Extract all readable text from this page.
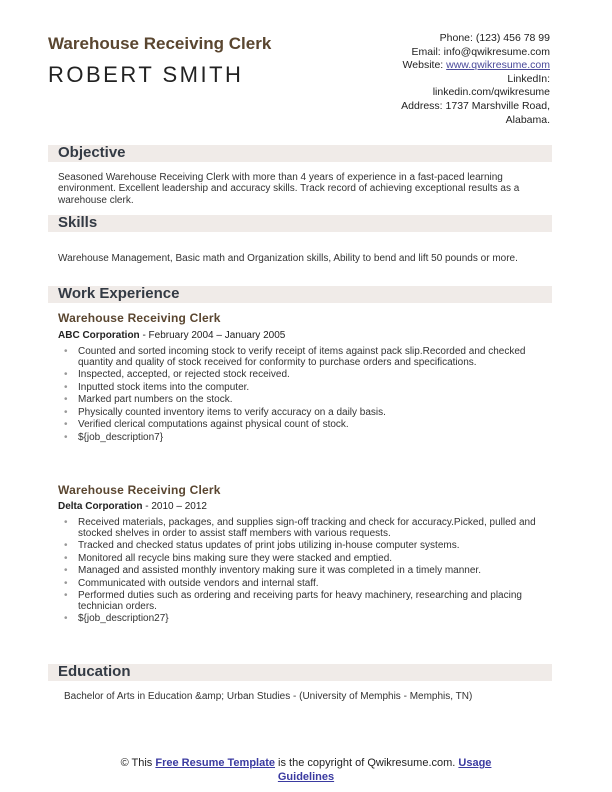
Warehouse Receiving Clerk
ROBERT SMITH
Phone: (123) 456 78 99
Email: info@qwikresume.com
Website: www.qwikresume.com
LinkedIn:
linkedin.com/qwikresume
Address: 1737 Marshville Road,
Alabama.
Objective
Seasoned Warehouse Receiving Clerk with more than 4 years of experience in a fast-paced learning environment. Excellent leadership and accuracy skills. Track record of achieving exceptional results as a warehouse clerk.
Skills
Warehouse Management, Basic math and Organization skills, Ability to bend and lift 50 pounds or more.
Work Experience
Warehouse Receiving Clerk
ABC Corporation - February 2004 – January 2005
• Counted and sorted incoming stock to verify receipt of items against pack slip.Recorded and checked quantity and quality of stock received for conformity to purchase orders and specifications.
• Inspected, accepted, or rejected stock received.
• Inputted stock items into the computer.
• Marked part numbers on the stock.
• Physically counted inventory items to verify accuracy on a daily basis.
• Verified clerical computations against physical count of stock.
• ${job_description7}
Warehouse Receiving Clerk
Delta Corporation - 2010 – 2012
• Received materials, packages, and supplies sign-off tracking and check for accuracy.Picked, pulled and stocked shelves in order to assist staff members with various requests.
• Tracked and checked status updates of print jobs utilizing in-house computer systems.
• Monitored all recycle bins making sure they were stacked and emptied.
• Managed and assisted monthly inventory making sure it was completed in a timely manner.
• Communicated with outside vendors and internal staff.
• Performed duties such as ordering and receiving parts for heavy machinery, researching and placing technician orders.
• ${job_description27}
Education
Bachelor of Arts in Education &amp; Urban Studies - (University of Memphis - Memphis, TN)
© This Free Resume Template is the copyright of Qwikresume.com. Usage
Guidelines
